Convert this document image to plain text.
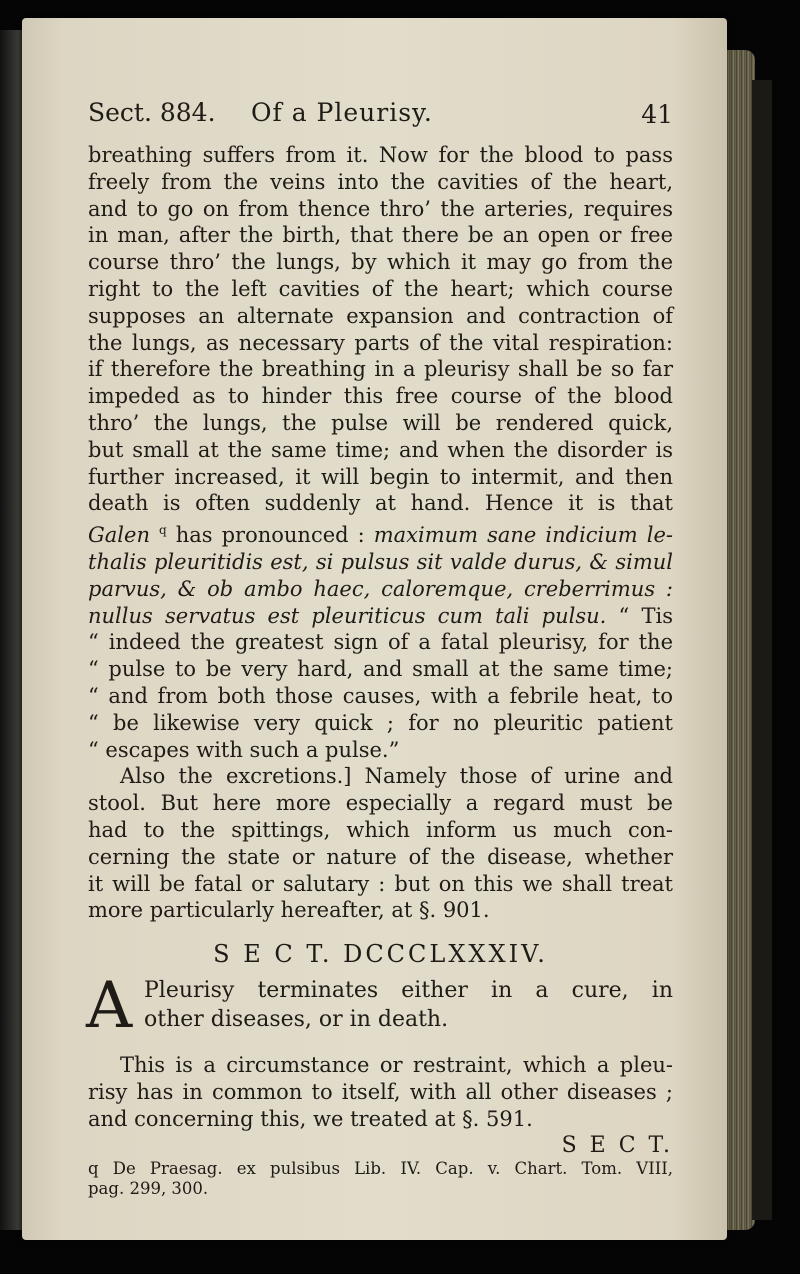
Sect. 884. Of a Pleurisy.	41
breathing suffers from it. Now for the blood to pass
freely from the veins into the cavities of the heart,
and to go on from thence thro’ the arteries, requires
in man, after the birth, that there be an open or free
course thro’ the lungs, by which it may go from the
right to the left cavities of the heart; which course
supposes an alternate expansion and contraction of
the lungs, as necessary parts of the vital respiration:
if therefore the breathing in a pleurisy shall be so far
impeded as to hinder this free course of the blood
thro’ the lungs, the pulse will be rendered quick,
but small at the same time; and when the disorder is
further increased, it will begin to intermit, and then
death is often suddenly at hand. Hence it is that
Galen $^q$ has pronounced : maximum sane indicium le-
thalis pleuritidis est, si pulsus sit valde durus, & simul
parvus, & ob ambo haec, caloremque, creberrimus :
nullus servatus est pleuriticus cum tali pulsu. “ Tis
“ indeed the greatest sign of a fatal pleurisy, for the
“ pulse to be very hard, and small at the same time;
“ and from both those causes, with a febrile heat, to
“ be likewise very quick ; for no pleuritic patient
“ escapes with such a pulse.”
Also the excretions.] Namely those of urine and
stool. But here more especially a regard must be
had to the spittings, which inform us much con-
cerning the state or nature of the disease, whether
it will be fatal or salutary : but on this we shall treat
more particularly hereafter, at §. 901.
S E C T. DCCCLXXXIV.
A Pleurisy terminates either in a cure, in
other diseases, or in death.
This is a circumstance or restraint, which a pleu-
risy has in common to itself, with all other diseases ;
and concerning this, we treated at §. 591.
S E C T.
q De Praesag. ex pulsibus Lib. IV. Cap. v. Chart. Tom. VIII,
pag. 299, 300.
